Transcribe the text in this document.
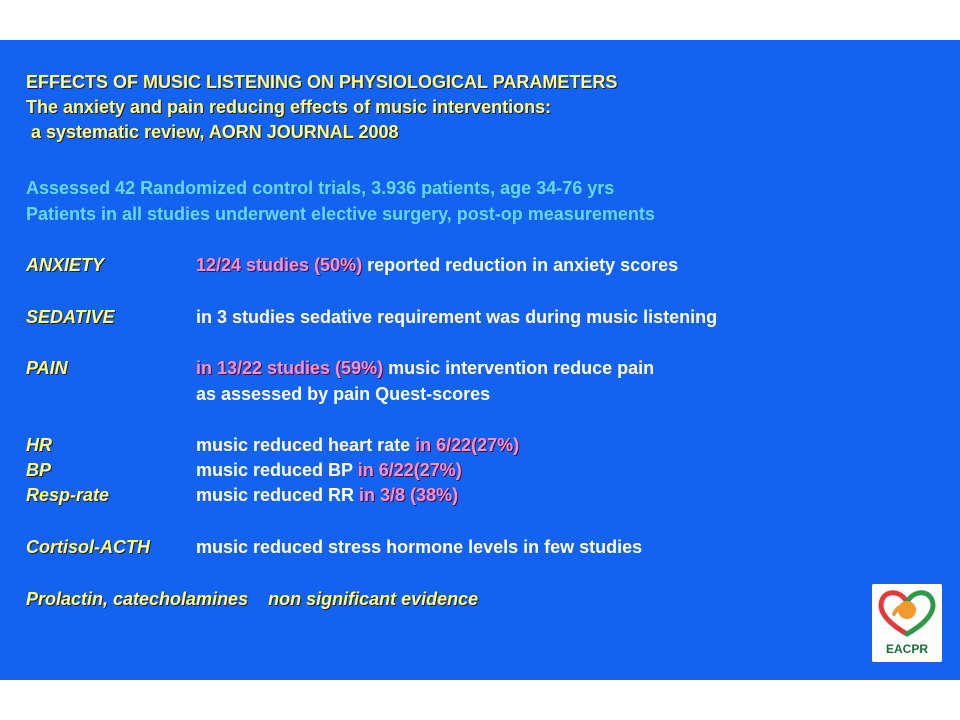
EFFECTS OF MUSIC LISTENING ON PHYSIOLOGICAL PARAMETERS
The anxiety and pain reducing effects of music interventions:
a systematic review, AORN JOURNAL 2008
Assessed 42 Randomized control trials, 3.936 patients, age 34-76 yrs
Patients in all studies underwent elective surgery, post-op measurements
ANXIETY	12/24 studies (50%) reported reduction in anxiety scores
SEDATIVE	in 3 studies sedative requirement was during music listening
PAIN	in 13/22 studies (59%) music intervention reduce pain
as assessed by pain Quest-scores
HR	music reduced heart rate in 6/22(27%)
BP	music reduced BP in 6/22(27%)
Resp-rate	music reduced RR in 3/8 (38%)
Cortisol-ACTH	music reduced stress hormone levels in few studies
Prolactin, catecholamines    non significant evidence
EACPR
